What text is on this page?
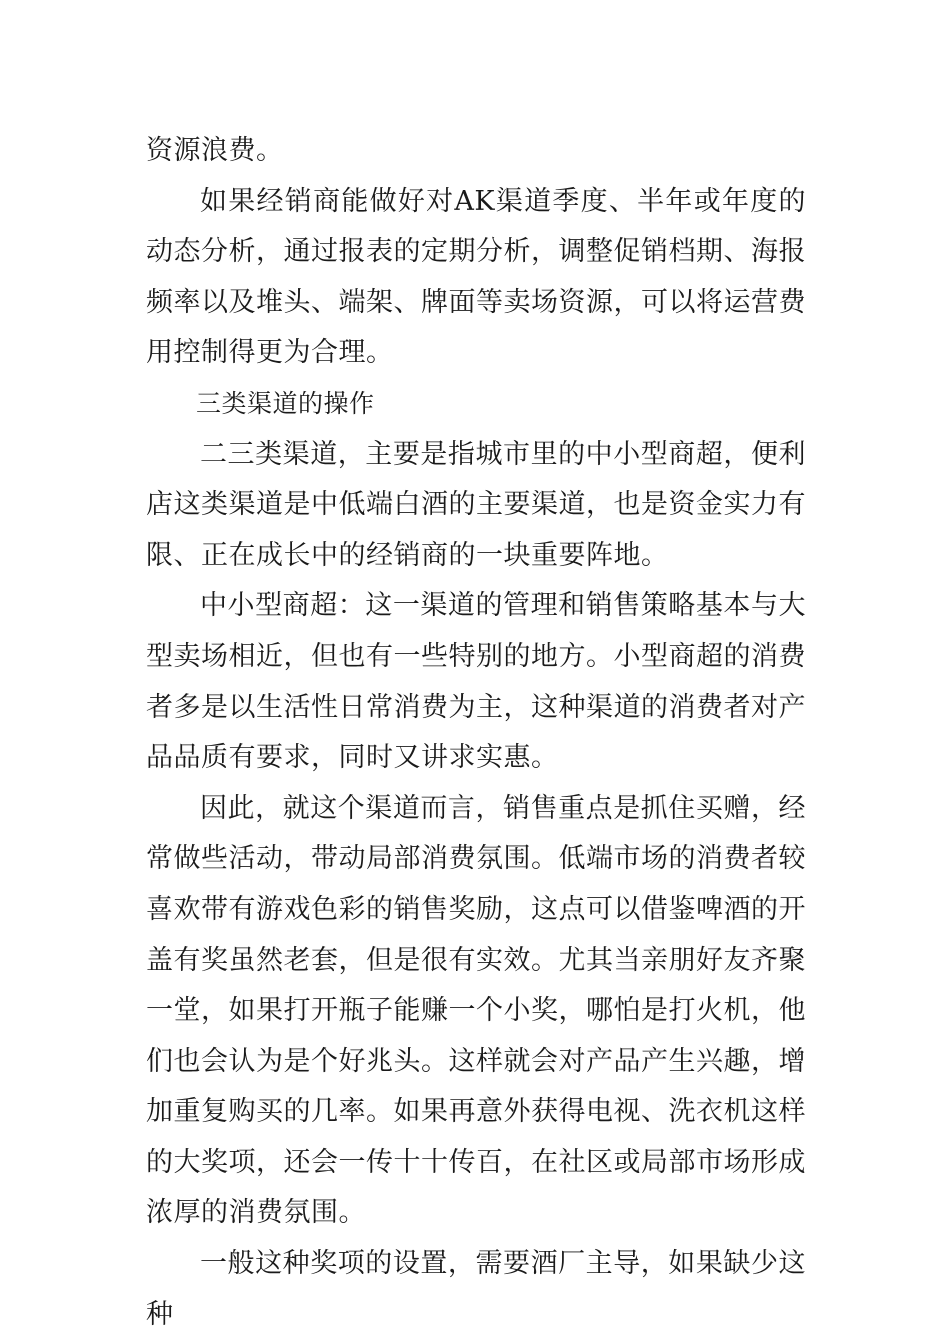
资源浪费。

如果经销商能做好对AK渠道季度、半年或年度的动态分析，通过报表的定期分析，调整促销档期、海报频率以及堆头、端架、牌面等卖场资源，可以将运营费用控制得更为合理。

三类渠道的操作

二三类渠道，主要是指城市里的中小型商超，便利店这类渠道是中低端白酒的主要渠道，也是资金实力有限、正在成长中的经销商的一块重要阵地。

中小型商超：这一渠道的管理和销售策略基本与大型卖场相近，但也有一些特别的地方。小型商超的消费者多是以生活性日常消费为主，这种渠道的消费者对产品品质有要求，同时又讲求实惠。

因此，就这个渠道而言，销售重点是抓住买赠，经常做些活动，带动局部消费氛围。低端市场的消费者较喜欢带有游戏色彩的销售奖励，这点可以借鉴啤酒的开盖有奖虽然老套，但是很有实效。尤其当亲朋好友齐聚一堂，如果打开瓶子能赚一个小奖，哪怕是打火机，他们也会认为是个好兆头。这样就会对产品产生兴趣，增加重复购买的几率。如果再意外获得电视、洗衣机这样的大奖项，还会一传十十传百，在社区或局部市场形成浓厚的消费氛围。

一般这种奖项的设置，需要酒厂主导，如果缺少这种
